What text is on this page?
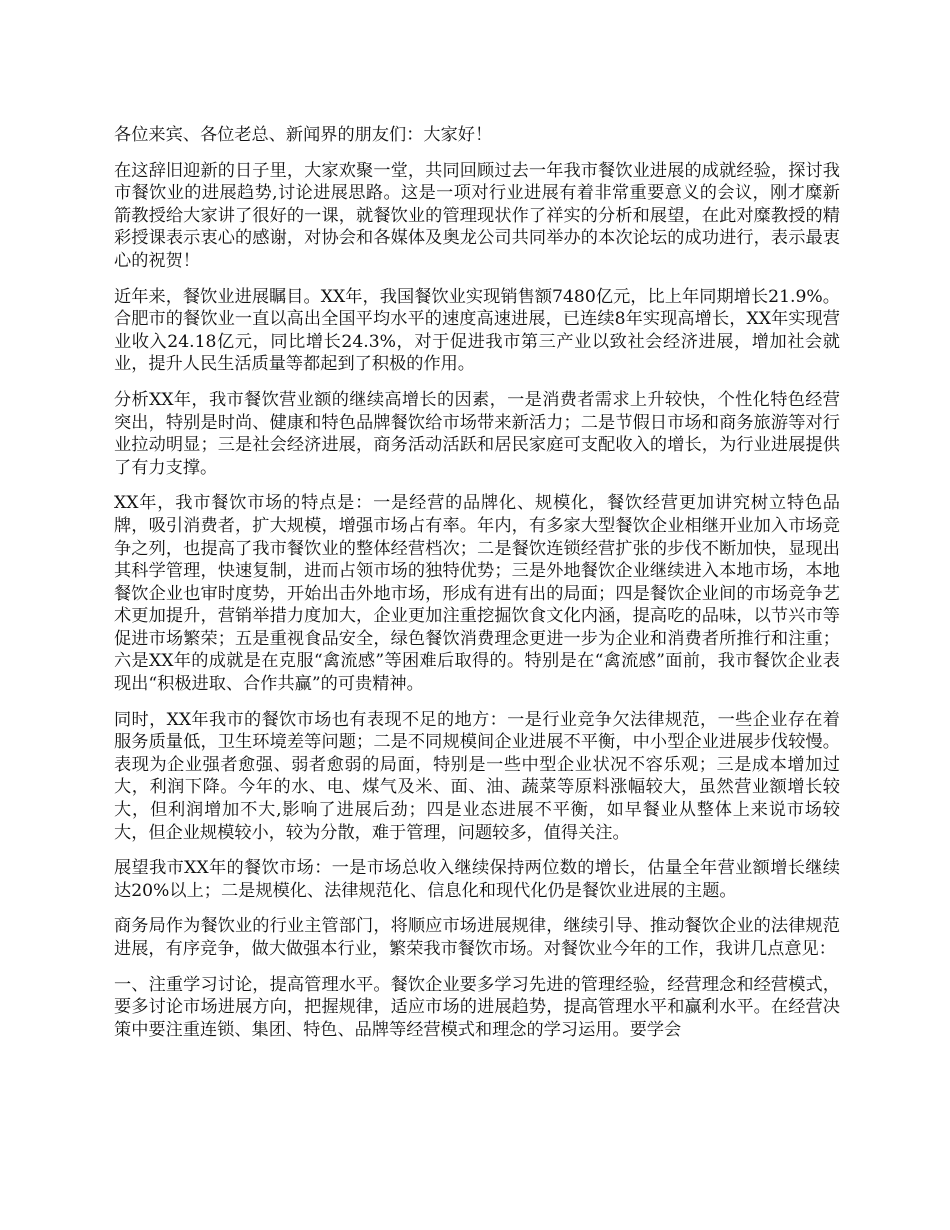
各位来宾、各位老总、新闻界的朋友们：大家好！

在这辞旧迎新的日子里，大家欢聚一堂，共同回顾过去一年我市餐饮业进展的成就经验，探讨我市餐饮业的进展趋势,讨论进展思路。这是一项对行业进展有着非常重要意义的会议，刚才糜新箭教授给大家讲了很好的一课，就餐饮业的管理现状作了祥实的分析和展望，在此对糜教授的精彩授课表示衷心的感谢，对协会和各媒体及奥龙公司共同举办的本次论坛的成功进行，表示最衷心的祝贺！

近年来，餐饮业进展瞩目。XX年，我国餐饮业实现销售额7480亿元，比上年同期增长21.9%。合肥市的餐饮业一直以高出全国平均水平的速度高速进展，已连续8年实现高增长，XX年实现营业收入24.18亿元，同比增长24.3%，对于促进我市第三产业以致社会经济进展，增加社会就业，提升人民生活质量等都起到了积极的作用。

分析XX年，我市餐饮营业额的继续高增长的因素，一是消费者需求上升较快，个性化特色经营突出，特别是时尚、健康和特色品牌餐饮给市场带来新活力；二是节假日市场和商务旅游等对行业拉动明显；三是社会经济进展，商务活动活跃和居民家庭可支配收入的增长，为行业进展提供了有力支撑。

XX年，我市餐饮市场的特点是：一是经营的品牌化、规模化，餐饮经营更加讲究树立特色品牌，吸引消费者，扩大规模，增强市场占有率。年内，有多家大型餐饮企业相继开业加入市场竞争之列，也提高了我市餐饮业的整体经营档次；二是餐饮连锁经营扩张的步伐不断加快，显现出其科学管理，快速复制，进而占领市场的独特优势；三是外地餐饮企业继续进入本地市场，本地餐饮企业也审时度势，开始出击外地市场，形成有进有出的局面；四是餐饮企业间的市场竞争艺术更加提升，营销举措力度加大，企业更加注重挖掘饮食文化内涵，提高吃的品味，以节兴市等促进市场繁荣；五是重视食品安全，绿色餐饮消费理念更进一步为企业和消费者所推行和注重；六是XX年的成就是在克服“禽流感”等困难后取得的。特别是在“禽流感”面前，我市餐饮企业表现出“积极进取、合作共赢”的可贵精神。

同时，XX年我市的餐饮市场也有表现不足的地方：一是行业竞争欠法律规范，一些企业存在着服务质量低，卫生环境差等问题；二是不同规模间企业进展不平衡，中小型企业进展步伐较慢。表现为企业强者愈强、弱者愈弱的局面，特别是一些中型企业状况不容乐观；三是成本增加过大，利润下降。今年的水、电、煤气及米、面、油、蔬菜等原料涨幅较大，虽然营业额增长较大，但利润增加不大,影响了进展后劲；四是业态进展不平衡，如早餐业从整体上来说市场较大，但企业规模较小，较为分散，难于管理，问题较多，值得关注。

展望我市XX年的餐饮市场：一是市场总收入继续保持两位数的增长，估量全年营业额增长继续达20%以上；二是规模化、法律规范化、信息化和现代化仍是餐饮业进展的主题。

商务局作为餐饮业的行业主管部门，将顺应市场进展规律，继续引导、推动餐饮企业的法律规范进展，有序竞争，做大做强本行业，繁荣我市餐饮市场。对餐饮业今年的工作，我讲几点意见：

一、注重学习讨论，提高管理水平。餐饮企业要多学习先进的管理经验，经营理念和经营模式，要多讨论市场进展方向，把握规律，适应市场的进展趋势，提高管理水平和赢利水平。在经营决策中要注重连锁、集团、特色、品牌等经营模式和理念的学习运用。要学会
